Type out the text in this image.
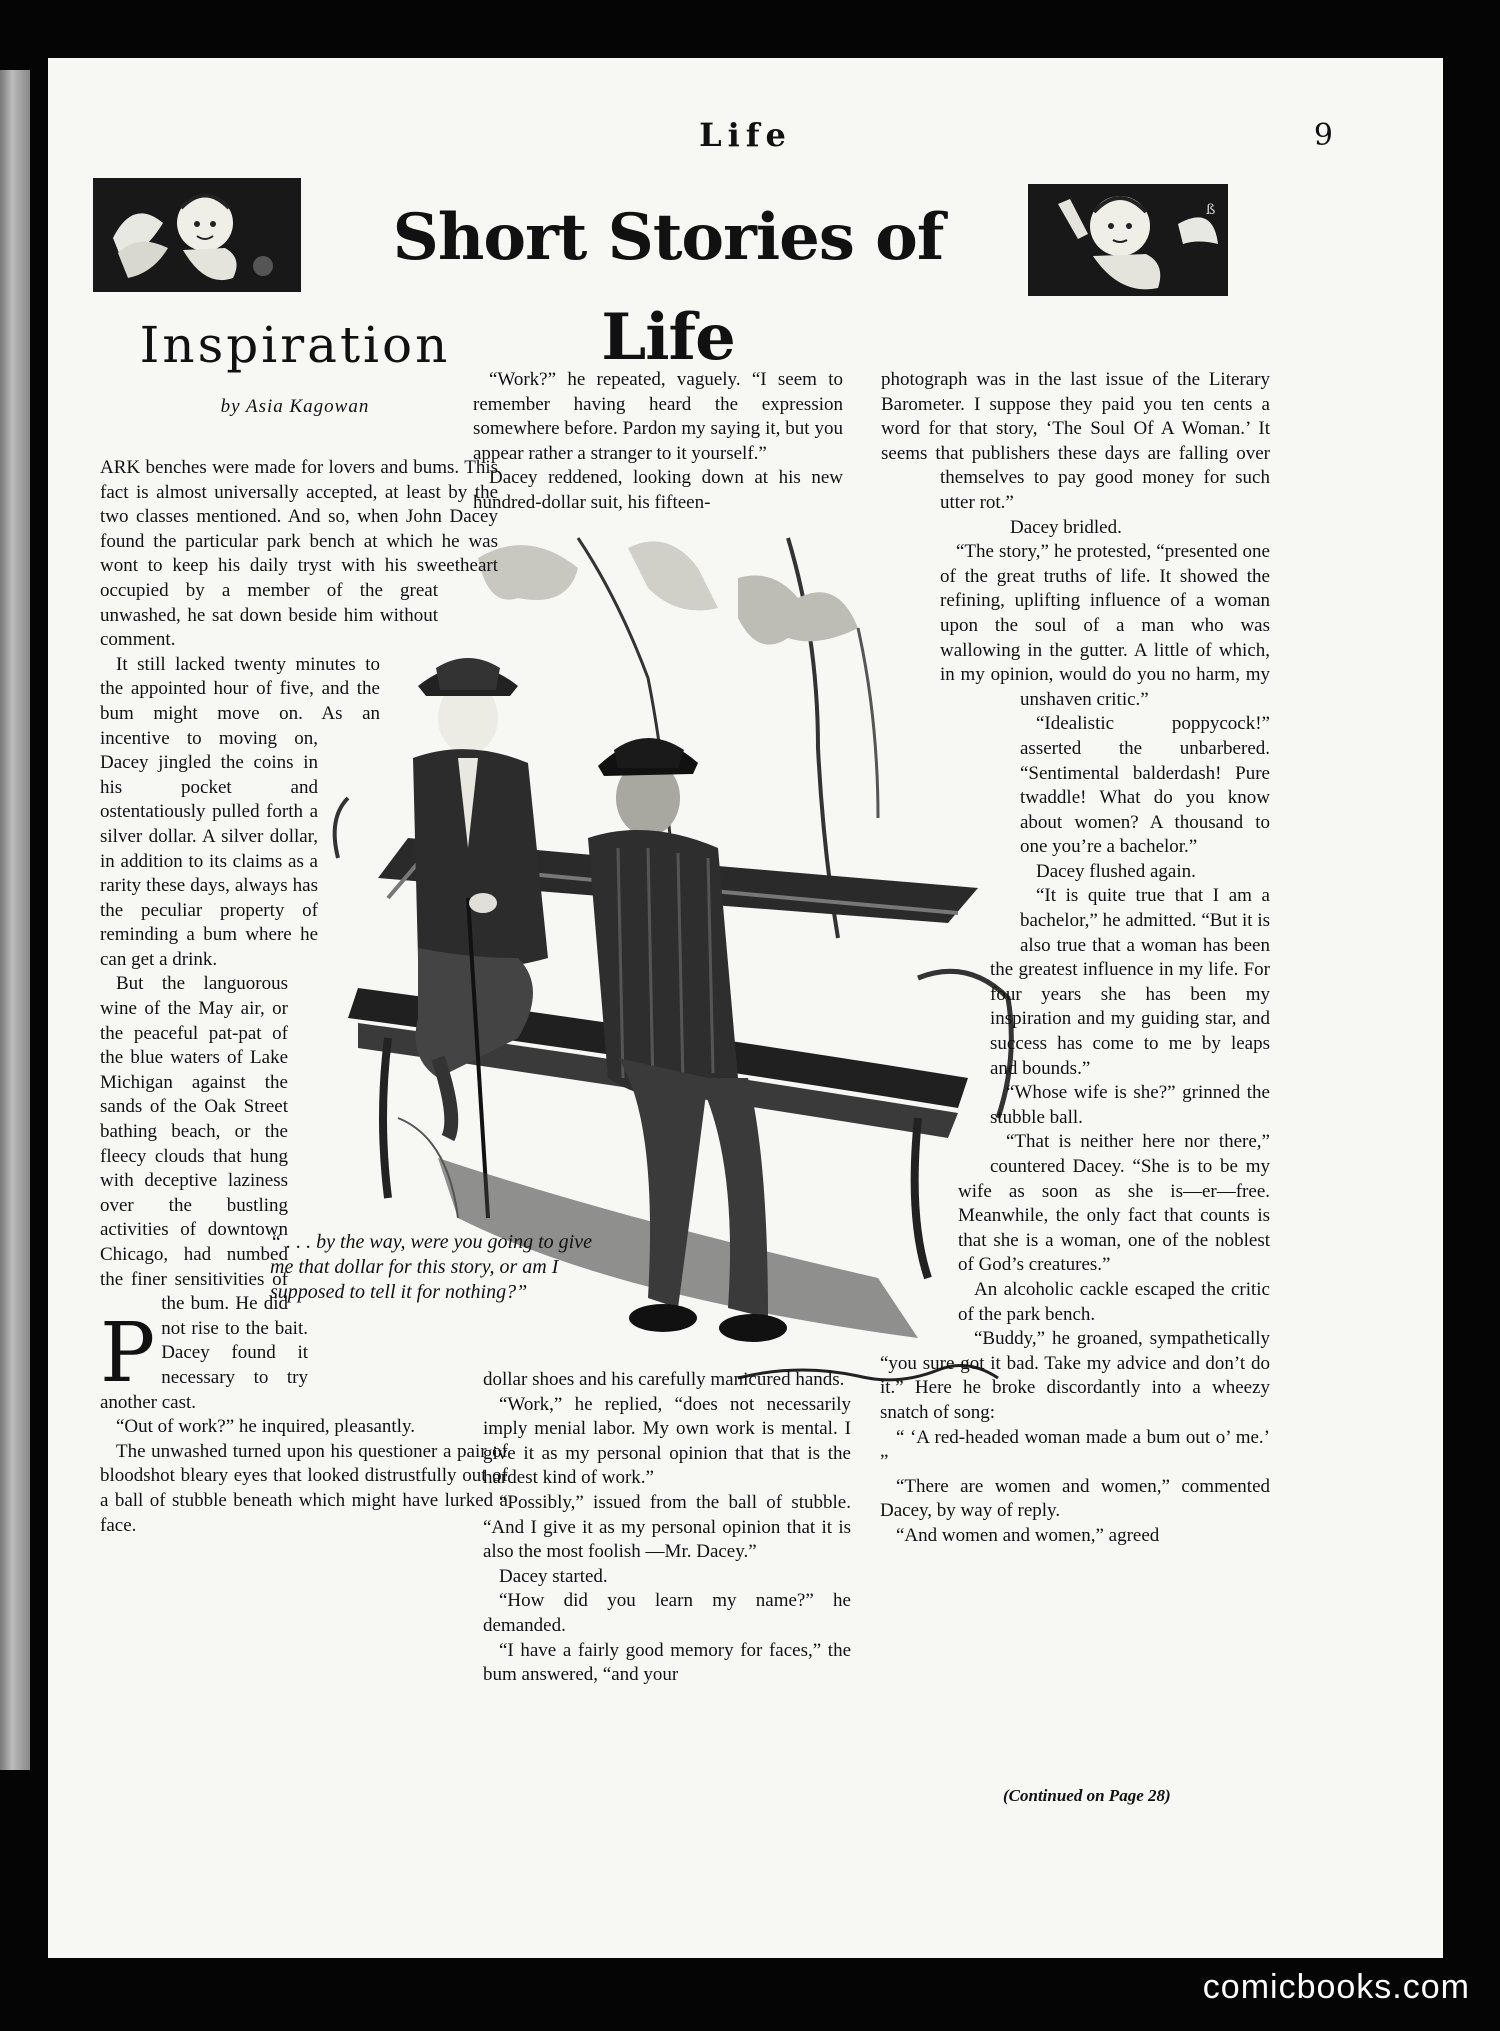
Life	9
Short Stories of Life
ß
Inspiration
by Asia Kagowan
“ . . . by the way, were you going to give me that dollar for this story, or am I supposed to tell it for nothing?”

P
ARK benches were made for lovers and bums. This fact is almost universally accepted, at least by the two classes mentioned. And so, when John Dacey found the particular park bench at which he was wont to keep his daily tryst with his sweetheart occupied by a member of the great unwashed, he sat down beside him without comment.

It still lacked twenty minutes to the appointed hour of five, and the bum might move on. As an incentive to moving on, Dacey jingled the coins in his pocket and ostentatiously pulled forth a silver dollar. A silver dollar, in addition to its claims as a rarity these days, always has the peculiar property of reminding a bum where he can get a drink.

But the languorous wine of the May air, or the peaceful pat-pat of the blue waters of Lake Michigan against the sands of the Oak Street bathing beach, or the fleecy clouds that hung with deceptive laziness over the bustling activities of downtown Chicago, had numbed the finer sensitivities of the bum. He did not rise to the bait. Dacey found it necessary to try another cast.

“Out of work?” he inquired, pleasantly.

The unwashed turned upon his questioner a pair of bloodshot bleary eyes that looked distrustfully out of a ball of stubble beneath which might have lurked a face.

“Work?” he repeated, vaguely. “I seem to remember having heard the expression somewhere before. Pardon my saying it, but you appear rather a stranger to it yourself.”

Dacey reddened, looking down at his new hundred-dollar suit, his fifteen-

dollar shoes and his carefully manicured hands.

“Work,” he replied, “does not necessarily imply menial labor. My own work is mental. I give it as my personal opinion that that is the hardest kind of work.”

“Possibly,” issued from the ball of stubble. “And I give it as my personal opinion that it is also the most foolish —Mr. Dacey.”

Dacey started.

“How did you learn my name?” he demanded.

“I have a fairly good memory for faces,” the bum answered, “and your

photograph was in the last issue of the Literary Barometer. I suppose they paid you ten cents a word for that story, ‘The Soul Of A Woman.’ It seems that publishers these days are falling over themselves to pay good money for such utter rot.”

Dacey bridled.

“The story,” he protested, “presented one of the great truths of life. It showed the refining, uplifting influence of a woman upon the soul of a man who was wallowing in the gutter. A little of which, in my opinion, would do you no harm, my unshaven critic.”

“Idealistic poppycock!” asserted the unbarbered. “Sentimental balderdash! Pure twaddle! What do you know about women? A thousand to one you’re a bachelor.”

Dacey flushed again.

“It is quite true that I am a bachelor,” he admitted. “But it is also true that a woman has been the greatest influence in my life. For four years she has been my inspiration and my guiding star, and success has come to me by leaps and bounds.”

“Whose wife is she?” grinned the stubble ball.

“That is neither here nor there,” countered Dacey. “She is to be my wife as soon as she is—er—free. Meanwhile, the only fact that counts is that she is a woman, one of the noblest of God’s creatures.”

An alcoholic cackle escaped the critic of the park bench.

“Buddy,” he groaned, sympathetically “you sure got it bad. Take my advice and don’t do it.” Here he broke discordantly into a wheezy snatch of song:

“ ‘A red-headed woman made a bum out o’ me.’ ”

“There are women and women,” commented Dacey, by way of reply.

“And women and women,” agreed

(Continued on Page 28)
comicbooks.com
